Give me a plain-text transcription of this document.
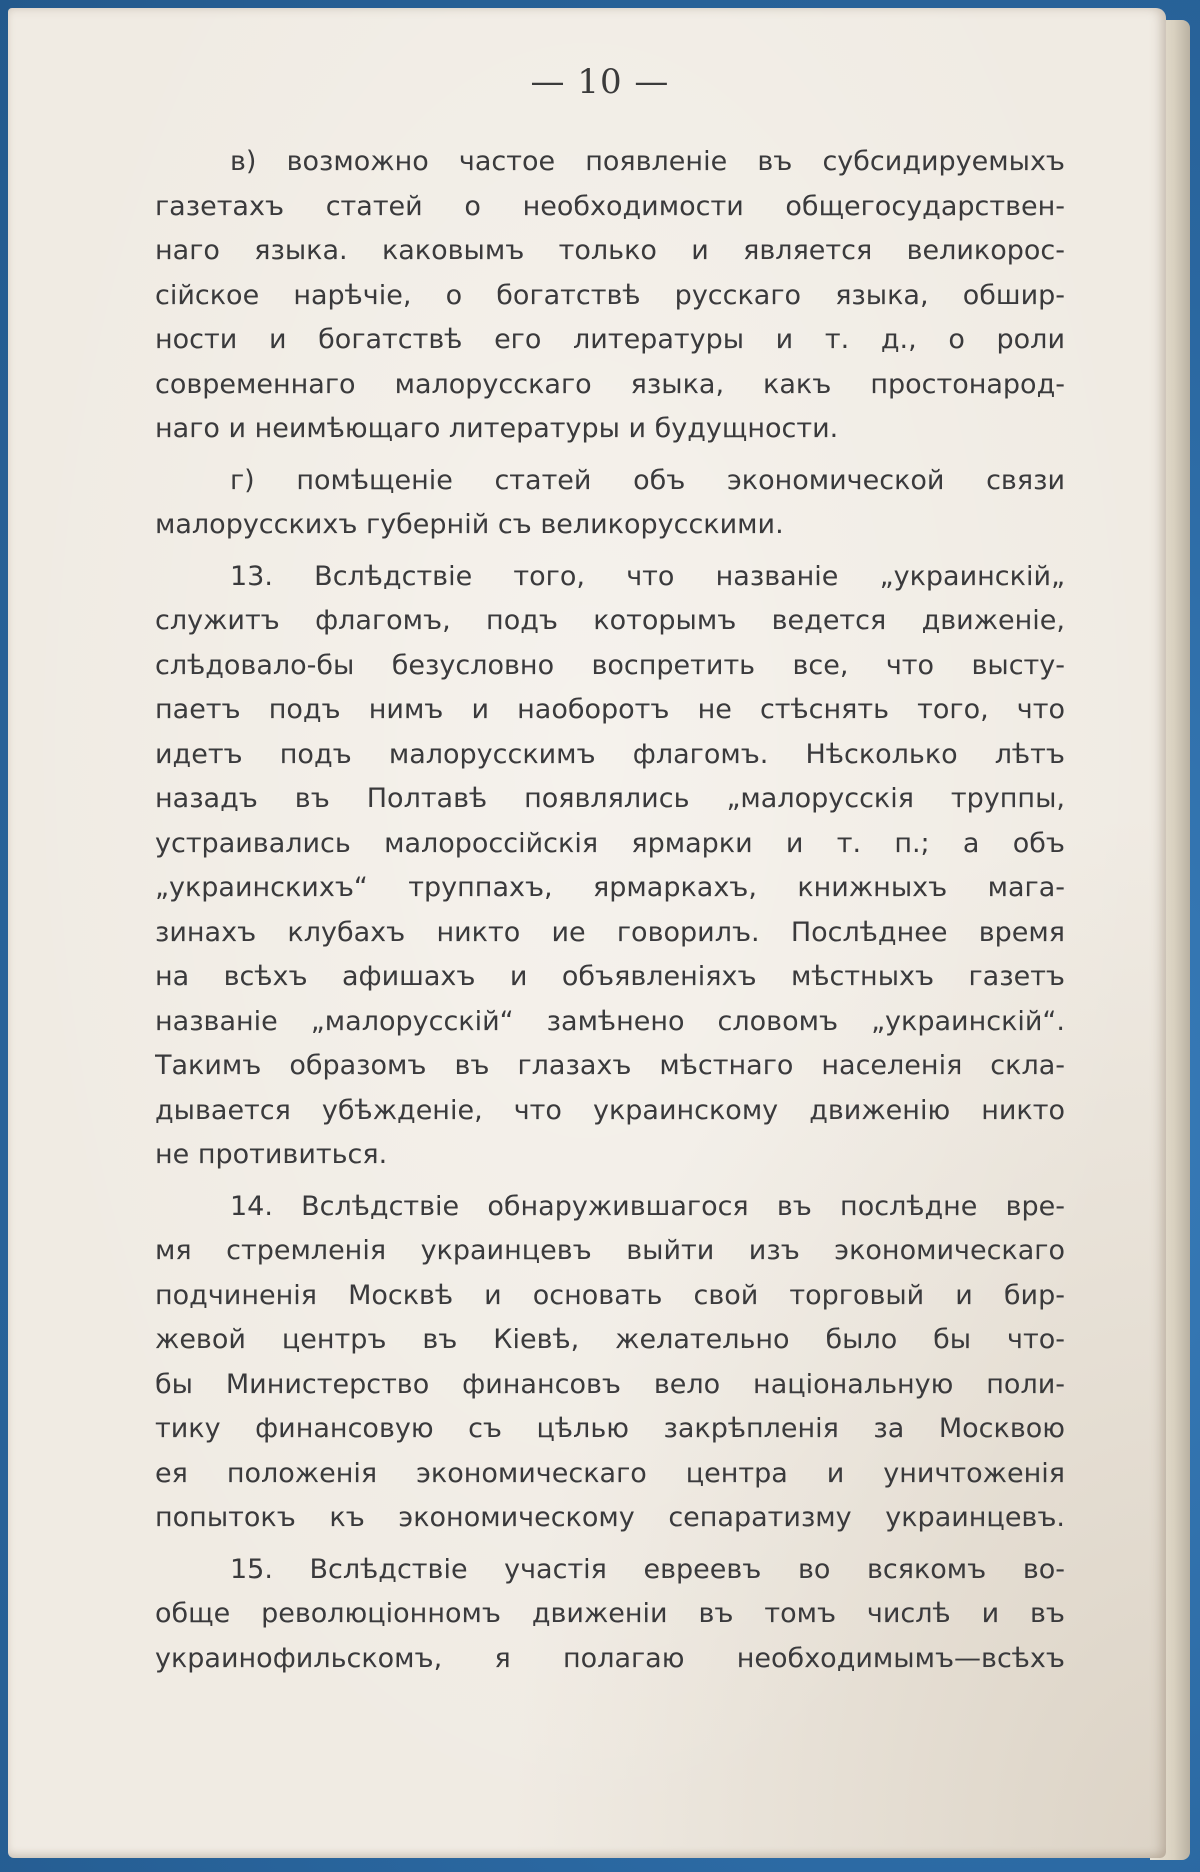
— 10 —
в) возможно частое появленіе въ субсидируемыхъ
газетахъ статей о необходимости общегосударствен-
наго языка. каковымъ только и является великорос-
сійское нарѣчіе, о богатствѣ русскаго языка, обшир-
ности и богатствѣ его литературы и т. д., о роли
современнаго малорусскаго языка, какъ простонарод-
наго и неимѣющаго литературы и будущности.
г) помѣщеніе статей объ экономической связи
малорусскихъ губерній съ великорусскими.
13. Вслѣдствіе того, что названіе „украинскій„
служитъ флагомъ, подъ которымъ ведется движеніе,
слѣдовало-бы безусловно воспретить все, что высту-
паетъ подъ нимъ и наоборотъ не стѣснять того, что
идетъ подъ малорусскимъ флагомъ. Нѣсколько лѣтъ
назадъ въ Полтавѣ появлялись „малорусскія труппы,
устраивались малороссійскія ярмарки и т. п.; а объ
„украинскихъ“ труппахъ, ярмаркахъ, книжныхъ мага-
зинахъ клубахъ никто ие говорилъ. Послѣднее время
на всѣхъ афишахъ и объявленіяхъ мѣстныхъ газетъ
названіе „малорусскій“ замѣнено словомъ „украинскій“.
Такимъ образомъ въ глазахъ мѣстнаго населенія скла-
дывается убѣжденіе, что украинскому движенію никто
не противиться.
14. Вслѣдствіе обнаружившагося въ послѣдне вре-
мя стремленія украинцевъ выйти изъ экономическаго
подчиненія Москвѣ и основать свой торговый и бир-
жевой центръ въ Кіевѣ, желательно было бы что-
бы Министерство финансовъ вело національную поли-
тику финансовую съ цѣлью закрѣпленія за Москвою
ея положенія экономическаго центра и уничтоженія
попытокъ къ экономическому сепаратизму украинцевъ.
15. Вслѣдствіе участія евреевъ во всякомъ во-
обще революціонномъ движеніи въ томъ числѣ и въ
украинофильскомъ, я полагаю необходимымъ—всѣхъ
